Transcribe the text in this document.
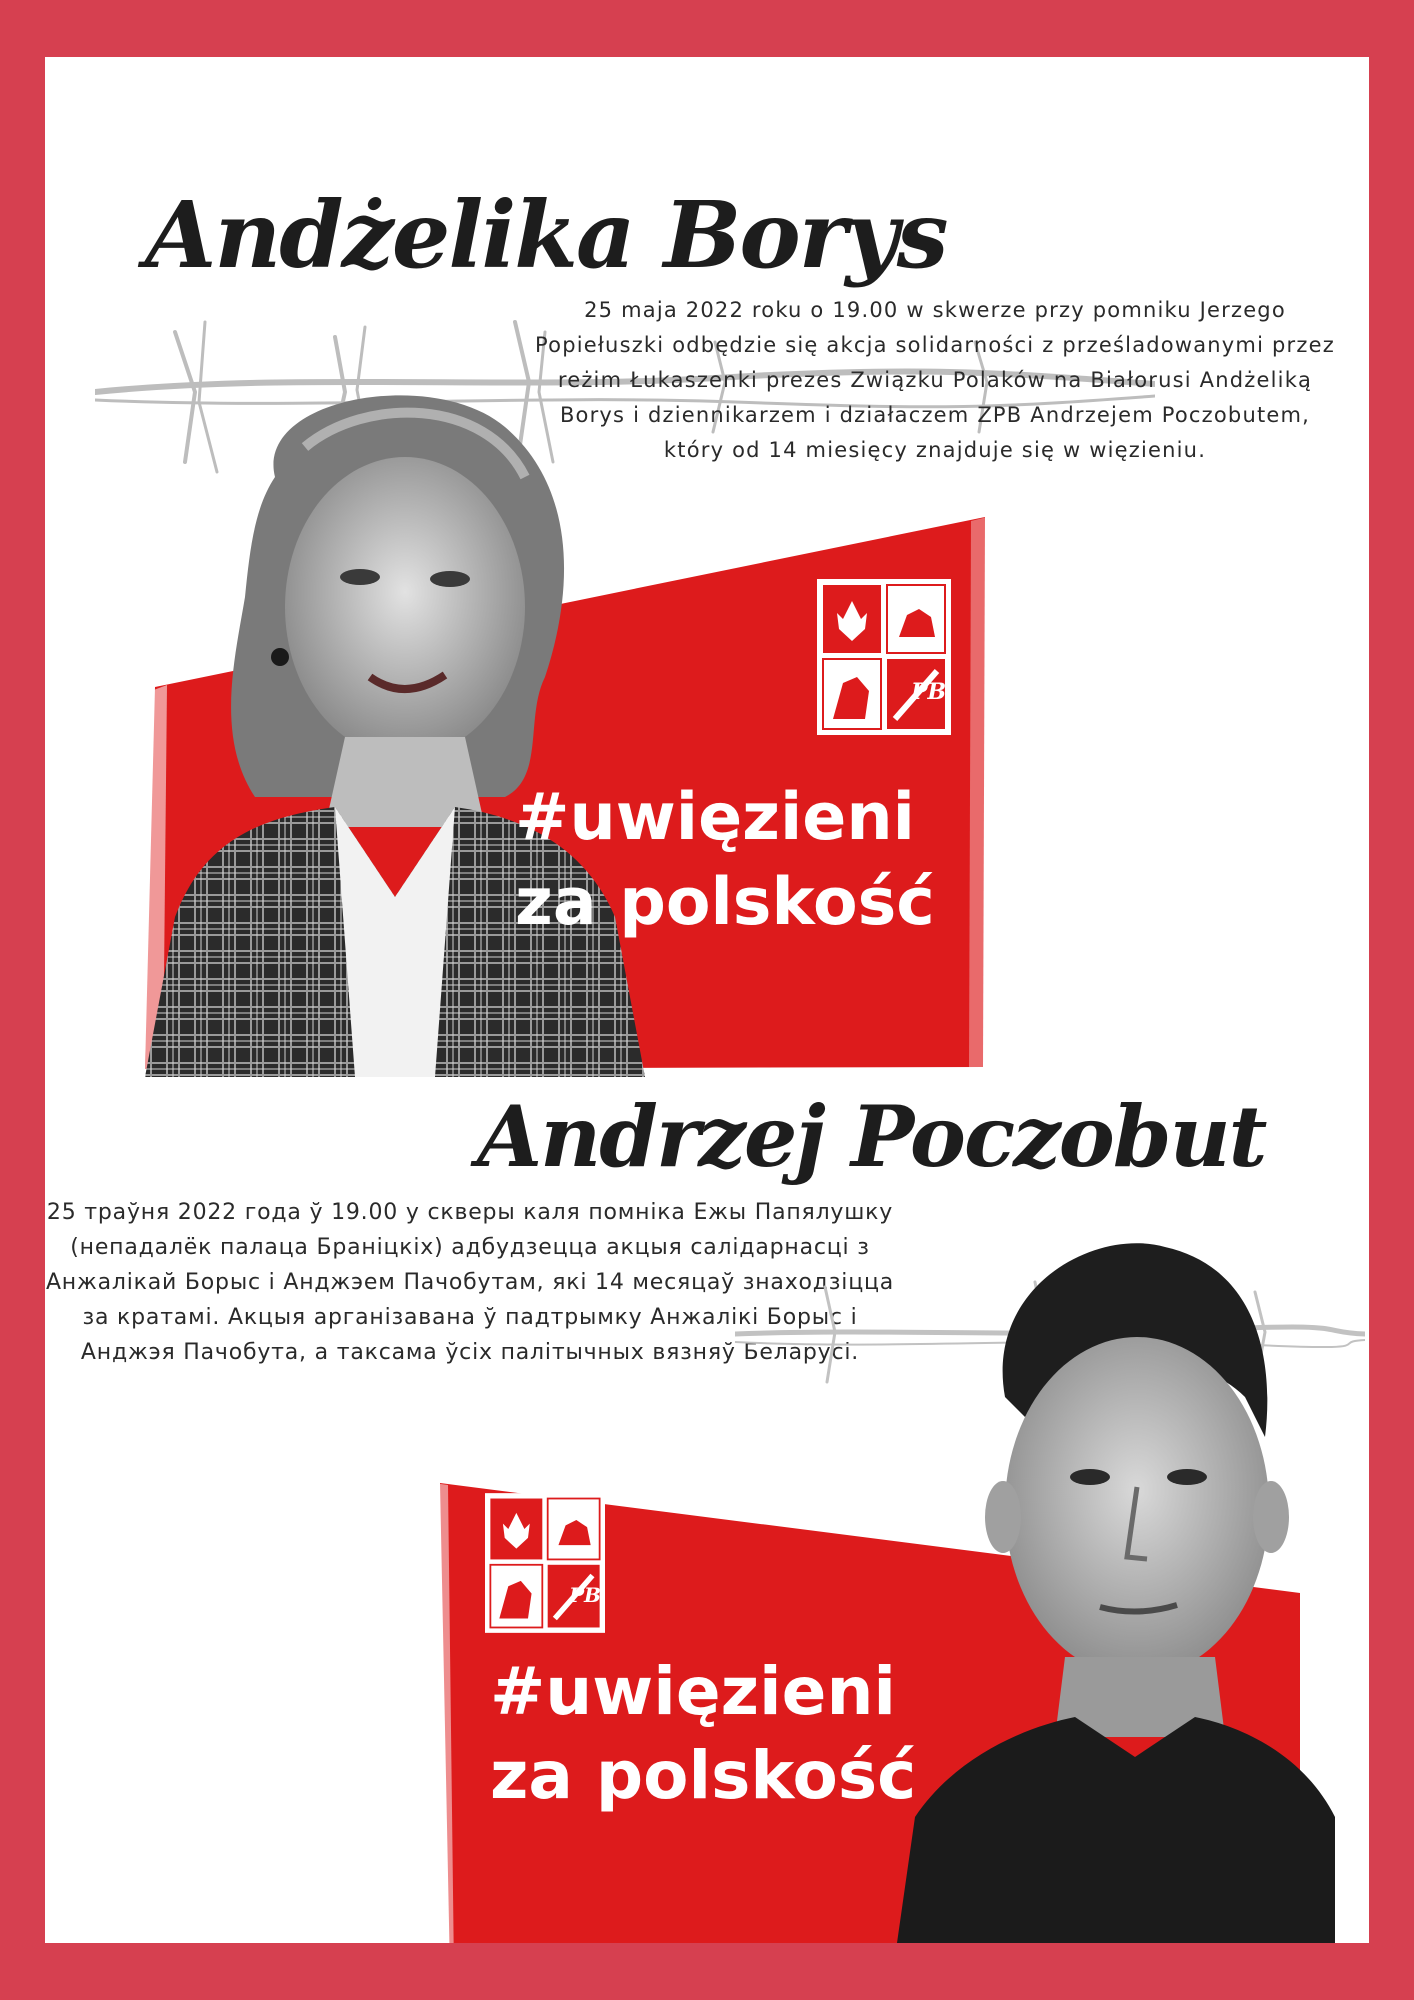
Andżelika Borys

25 maja 2022 roku o 19.00 w skwerze przy pomniku Jerzego Popiełuszki odbędzie się akcja solidarności z prześladowanymi przez reżim Łukaszenki prezes Związku Polaków na Białorusi Andżeliką Borys i dziennikarzem i działaczem ZPB Andrzejem Poczobutem, który od 14 miesięcy znajduje się w więzieniu.

PB
#uwięzieni
za polskość
Andrzej Poczobut

25 траўня 2022 года ў 19.00 у скверы каля помніка Ежы Папялушку (непадалёк палаца Браніцкіх) адбудзецца акцыя салідарнасці з Анжалікай Борыс і Анджэем Пачобутам, які 14 месяцаў знаходзіцца за кратамі. Акцыя арганізавана ў падтрымку Анжалікі Борыс і Анджэя Пачобута, а таксама ўсіх палітычных вязняў Беларусі.

PB
#uwięzieni
za polskość
